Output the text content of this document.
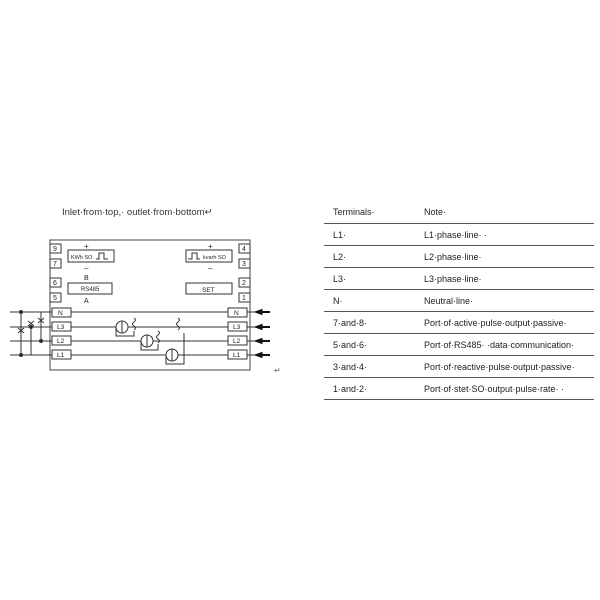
Inlet·from·top,· outlet·from·bottom↵
9
7
6
5
4
3
2
1
KWh SO
+
–
B
RS485
A
kvarh SO
+
–
SET
N
L3
L2
L1
N
L3
L2
L1
↵
Terminals·	Note·
L1·	L1·phase·line· ·
L2·	L2·phase·line·
L3·	L3·phase·line·
N·	Neutral·line·
7·and·8·	Port·of·active·pulse·output·passive·
5·and·6·	Port·of·RS485· ·data·communication·
3·and·4·	Port·of·reactive·pulse·output·passive·
1·and·2·	Port·of·stet·SO·output·pulse·rate· ·
